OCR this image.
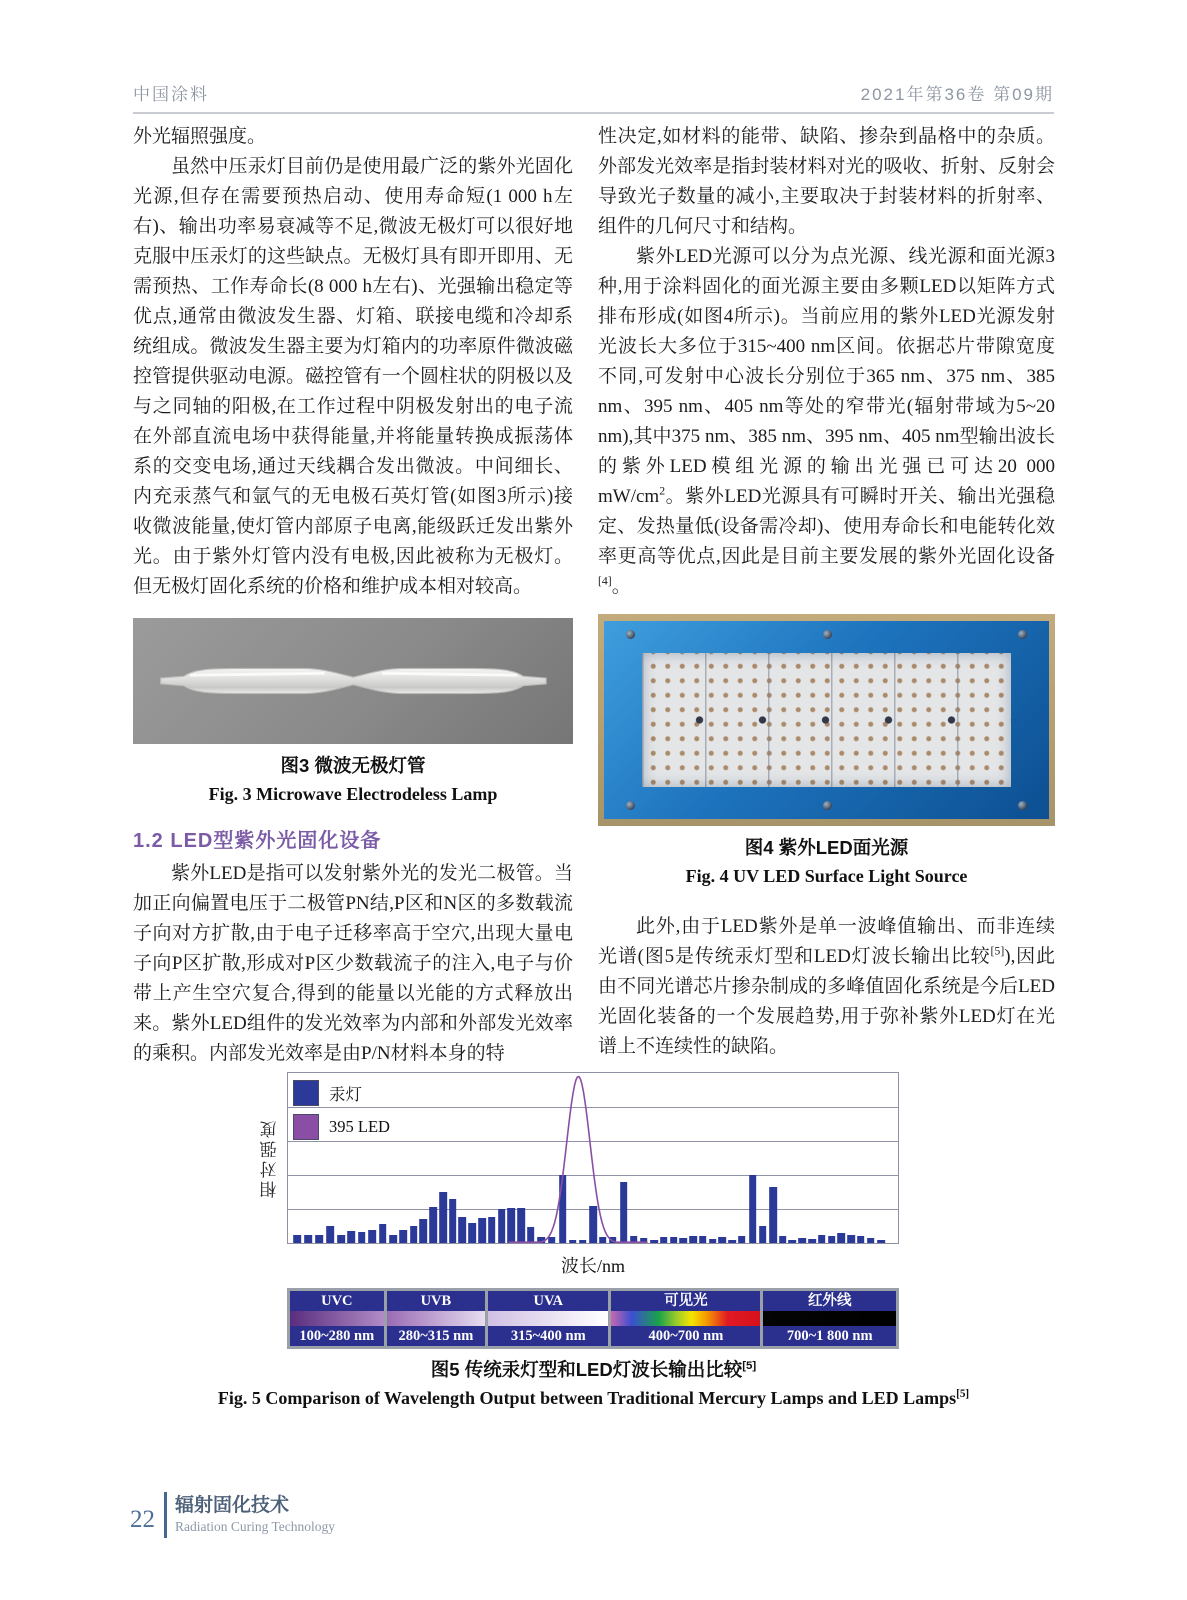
中国涂料	2021年第36卷 第09期

外光辐照强度。

虽然中压汞灯目前仍是使用最广泛的紫外光固化光源,但存在需要预热启动、使用寿命短(1 000 h左右)、输出功率易衰减等不足,微波无极灯可以很好地克服中压汞灯的这些缺点。无极灯具有即开即用、无需预热、工作寿命长(8 000 h左右)、光强输出稳定等优点,通常由微波发生器、灯箱、联接电缆和冷却系统组成。微波发生器主要为灯箱内的功率原件微波磁控管提供驱动电源。磁控管有一个圆柱状的阴极以及与之同轴的阳极,在工作过程中阴极发射出的电子流在外部直流电场中获得能量,并将能量转换成振荡体系的交变电场,通过天线耦合发出微波。中间细长、内充汞蒸气和氩气的无电极石英灯管(如图3所示)接收微波能量,使灯管内部原子电离,能级跃迁发出紫外光。由于紫外灯管内没有电极,因此被称为无极灯。但无极灯固化系统的价格和维护成本相对较高。

图3 微波无极灯管
Fig. 3 Microwave Electrodeless Lamp
1.2 LED型紫外光固化设备

紫外LED是指可以发射紫外光的发光二极管。当加正向偏置电压于二极管PN结,P区和N区的多数载流子向对方扩散,由于电子迁移率高于空穴,出现大量电子向P区扩散,形成对P区少数载流子的注入,电子与价带上产生空穴复合,得到的能量以光能的方式释放出来。紫外LED组件的发光效率为内部和外部发光效率的乘积。内部发光效率是由P/N材料本身的特

性决定,如材料的能带、缺陷、掺杂到晶格中的杂质。外部发光效率是指封装材料对光的吸收、折射、反射会导致光子数量的减小,主要取决于封装材料的折射率、组件的几何尺寸和结构。

紫外LED光源可以分为点光源、线光源和面光源3种,用于涂料固化的面光源主要由多颗LED以矩阵方式排布形成(如图4所示)。当前应用的紫外LED光源发射光波长大多位于315~400 nm区间。依据芯片带隙宽度不同,可发射中心波长分别位于365 nm、375 nm、385 nm、395 nm、405 nm等处的窄带光(辐射带域为5~20 nm),其中375 nm、385 nm、395 nm、405 nm型输出波长的紫外LED模组光源的输出光强已可达20 000 mW/cm$^2$。紫外LED光源具有可瞬时开关、输出光强稳定、发热量低(设备需冷却)、使用寿命长和电能转化效率更高等优点,因此是目前主要发展的紫外光固化设备[4]。

图4 紫外LED面光源
Fig. 4 UV LED Surface Light Source

此外,由于LED紫外是单一波峰值输出、而非连续光谱(图5是传统汞灯型和LED灯波长输出比较[5]),因此由不同光谱芯片掺杂制成的多峰值固化系统是今后LED光固化装备的一个发展趋势,用于弥补紫外LED灯在光谱上不连续性的缺陷。

相对强度
汞灯
395 LED
波长/nm
UVC
100~280 nm
UVB
280~315 nm
UVA
315~400 nm
可见光
400~700 nm
红外线
700~1 800 nm
图5 传统汞灯型和LED灯波长输出比较[5]
Fig. 5 Comparison of Wavelength Output between Traditional Mercury Lamps and LED Lamps[5]
22
辐射固化技术
Radiation Curing Technology
